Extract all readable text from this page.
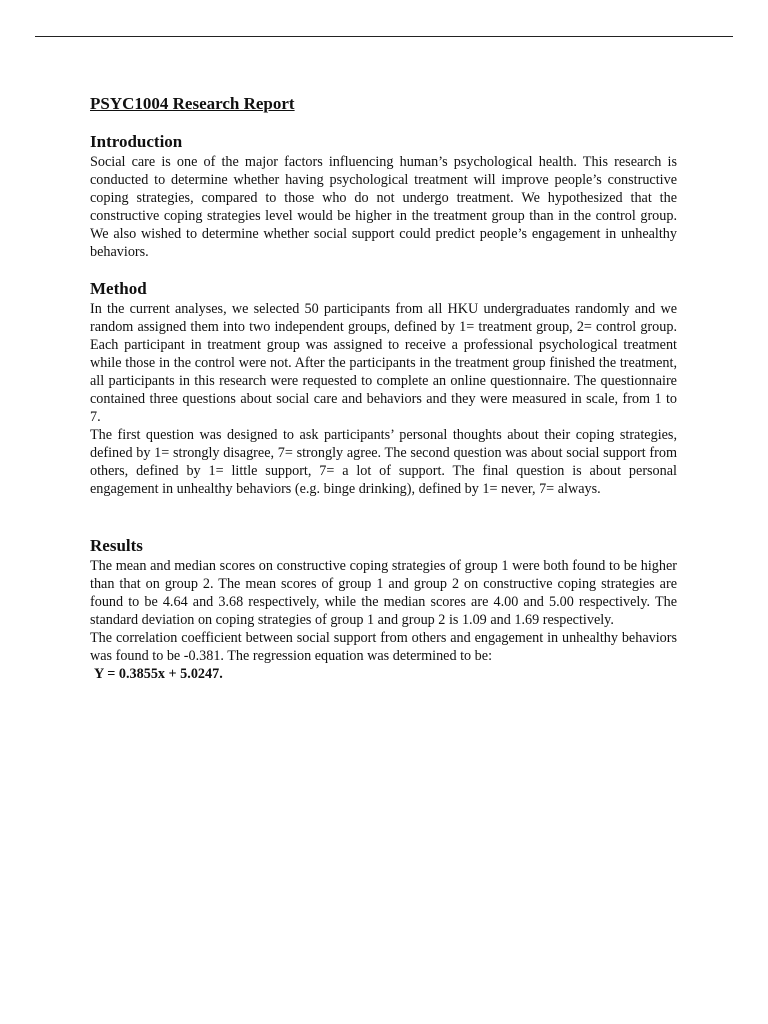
PSYC1004 Research Report
Introduction

Social care is one of the major factors influencing human’s psychological health. This research is conducted to determine whether having psychological treatment will improve people’s constructive coping strategies, compared to those who do not undergo treatment. We hypothesized that the constructive coping strategies level would be higher in the treatment group than in the control group. We also wished to determine whether social support could predict people’s engagement in unhealthy behaviors.

Method

In the current analyses, we selected 50 participants from all HKU undergraduates randomly and we random assigned them into two independent groups, defined by 1= treatment group, 2= control group. Each participant in treatment group was assigned to receive a professional psychological treatment while those in the control were not. After the participants in the treatment group finished the treatment, all participants in this research were requested to complete an online questionnaire. The questionnaire contained three questions about social care and behaviors and they were measured in scale, from 1 to 7.

The first question was designed to ask participants’ personal thoughts about their coping strategies, defined by 1= strongly disagree, 7= strongly agree. The second question was about social support from others, defined by 1= little support, 7= a lot of support. The final question is about personal engagement in unhealthy behaviors (e.g. binge drinking), defined by 1= never, 7= always.

Results

The mean and median scores on constructive coping strategies of group 1 were both found to be higher than that on group 2. The mean scores of group 1 and group 2 on constructive coping strategies are found to be 4.64 and 3.68 respectively, while the median scores are 4.00 and 5.00 respectively. The standard deviation on coping strategies of group 1 and group 2 is 1.09 and 1.69 respectively.

The correlation coefficient between social support from others and engagement in unhealthy behaviors was found to be -0.381. The regression equation was determined to be:

Y = 0.3855x + 5.0247.
